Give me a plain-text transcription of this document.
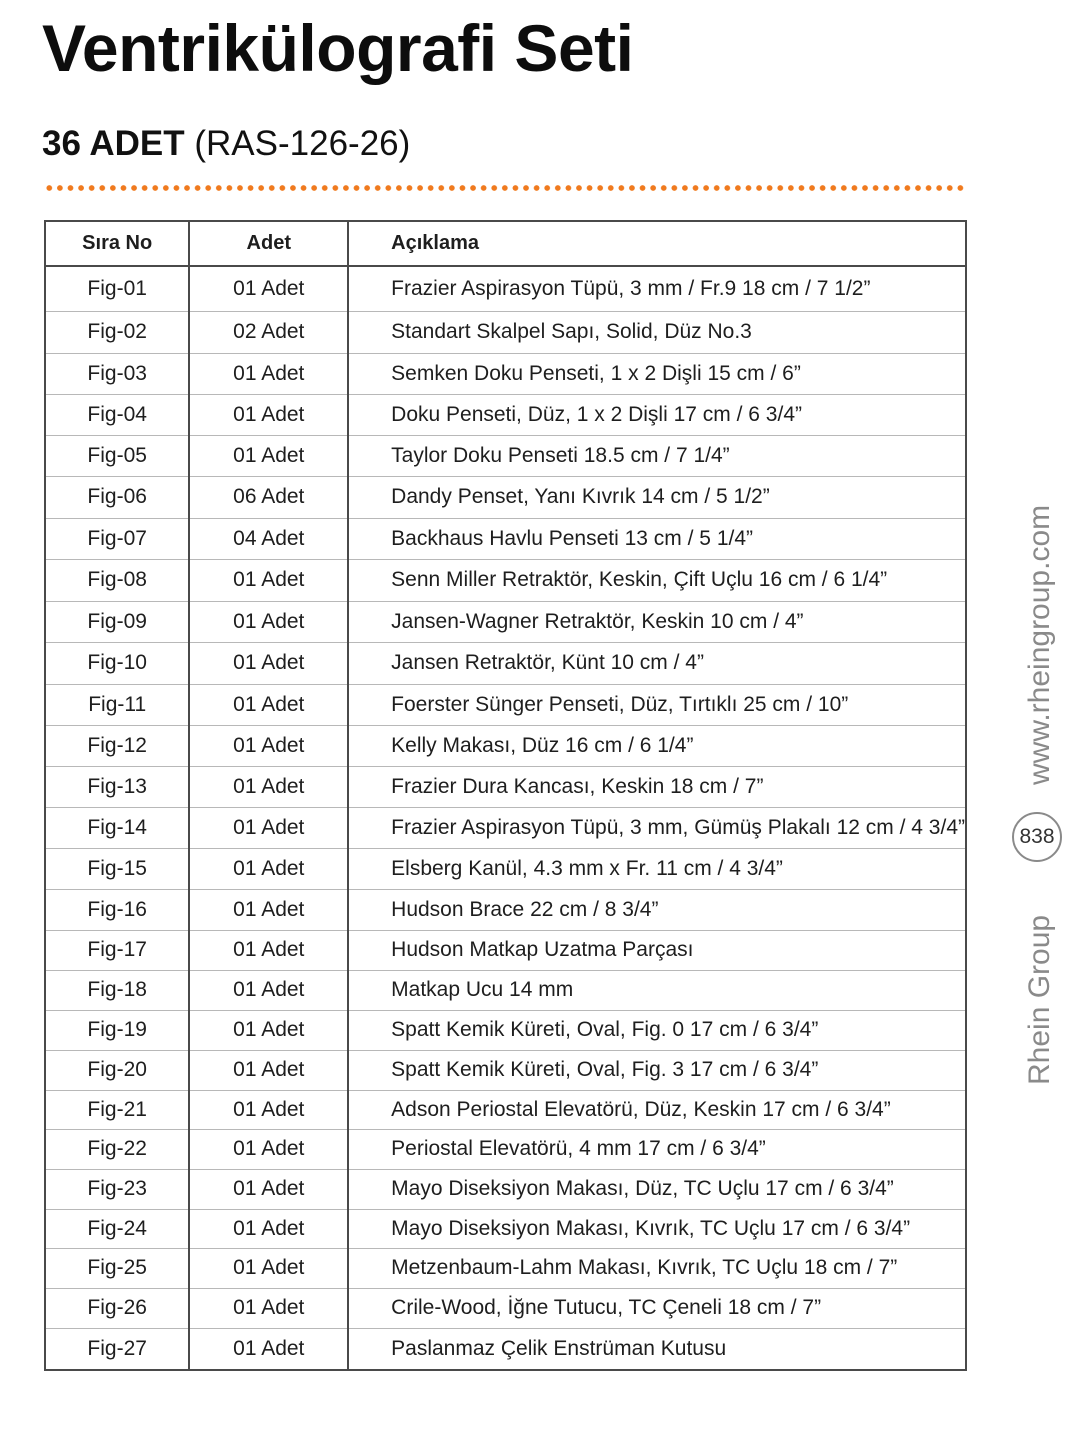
Ventrikülografi Seti
36 ADET (RAS-126-26)
Sıra No	Adet	Açıklama
Fig-01	01 Adet	Frazier Aspirasyon Tüpü, 3 mm / Fr.9 18 cm / 7 1/2”
Fig-02	02 Adet	Standart Skalpel Sapı, Solid, Düz No.3
Fig-03	01 Adet	Semken Doku Penseti, 1 x 2 Dişli 15 cm / 6”
Fig-04	01 Adet	Doku Penseti, Düz, 1 x 2 Dişli 17 cm / 6 3/4”
Fig-05	01 Adet	Taylor Doku Penseti 18.5 cm / 7 1/4”
Fig-06	06 Adet	Dandy Penset, Yanı Kıvrık 14 cm / 5 1/2”
Fig-07	04 Adet	Backhaus Havlu Penseti 13 cm / 5 1/4”
Fig-08	01 Adet	Senn Miller Retraktör, Keskin, Çift Uçlu 16 cm / 6 1/4”
Fig-09	01 Adet	Jansen-Wagner Retraktör, Keskin 10 cm / 4”
Fig-10	01 Adet	Jansen Retraktör, Künt 10 cm / 4”
Fig-11	01 Adet	Foerster Sünger Penseti, Düz, Tırtıklı 25 cm / 10”
Fig-12	01 Adet	Kelly Makası, Düz 16 cm / 6 1/4”
Fig-13	01 Adet	Frazier Dura Kancası, Keskin 18 cm / 7”
Fig-14	01 Adet	Frazier Aspirasyon Tüpü, 3 mm, Gümüş Plakalı 12 cm / 4 3/4”
Fig-15	01 Adet	Elsberg Kanül, 4.3 mm x Fr. 11 cm / 4 3/4”
Fig-16	01 Adet	Hudson Brace 22 cm / 8 3/4”
Fig-17	01 Adet	Hudson Matkap Uzatma Parçası
Fig-18	01 Adet	Matkap Ucu 14 mm
Fig-19	01 Adet	Spatt Kemik Küreti, Oval, Fig. 0 17 cm / 6 3/4”
Fig-20	01 Adet	Spatt Kemik Küreti, Oval, Fig. 3 17 cm / 6 3/4”
Fig-21	01 Adet	Adson Periostal Elevatörü, Düz, Keskin 17 cm / 6 3/4”
Fig-22	01 Adet	Periostal Elevatörü, 4 mm 17 cm / 6 3/4”
Fig-23	01 Adet	Mayo Diseksiyon Makası, Düz, TC Uçlu 17 cm / 6 3/4”
Fig-24	01 Adet	Mayo Diseksiyon Makası, Kıvrık, TC Uçlu 17 cm / 6 3/4”
Fig-25	01 Adet	Metzenbaum-Lahm Makası, Kıvrık, TC Uçlu 18 cm / 7”
Fig-26	01 Adet	Crile-Wood, İğne Tutucu, TC Çeneli 18 cm / 7”
Fig-27	01 Adet	Paslanmaz Çelik Enstrüman Kutusu
www.rheingroup.com
838
Rhein Group
